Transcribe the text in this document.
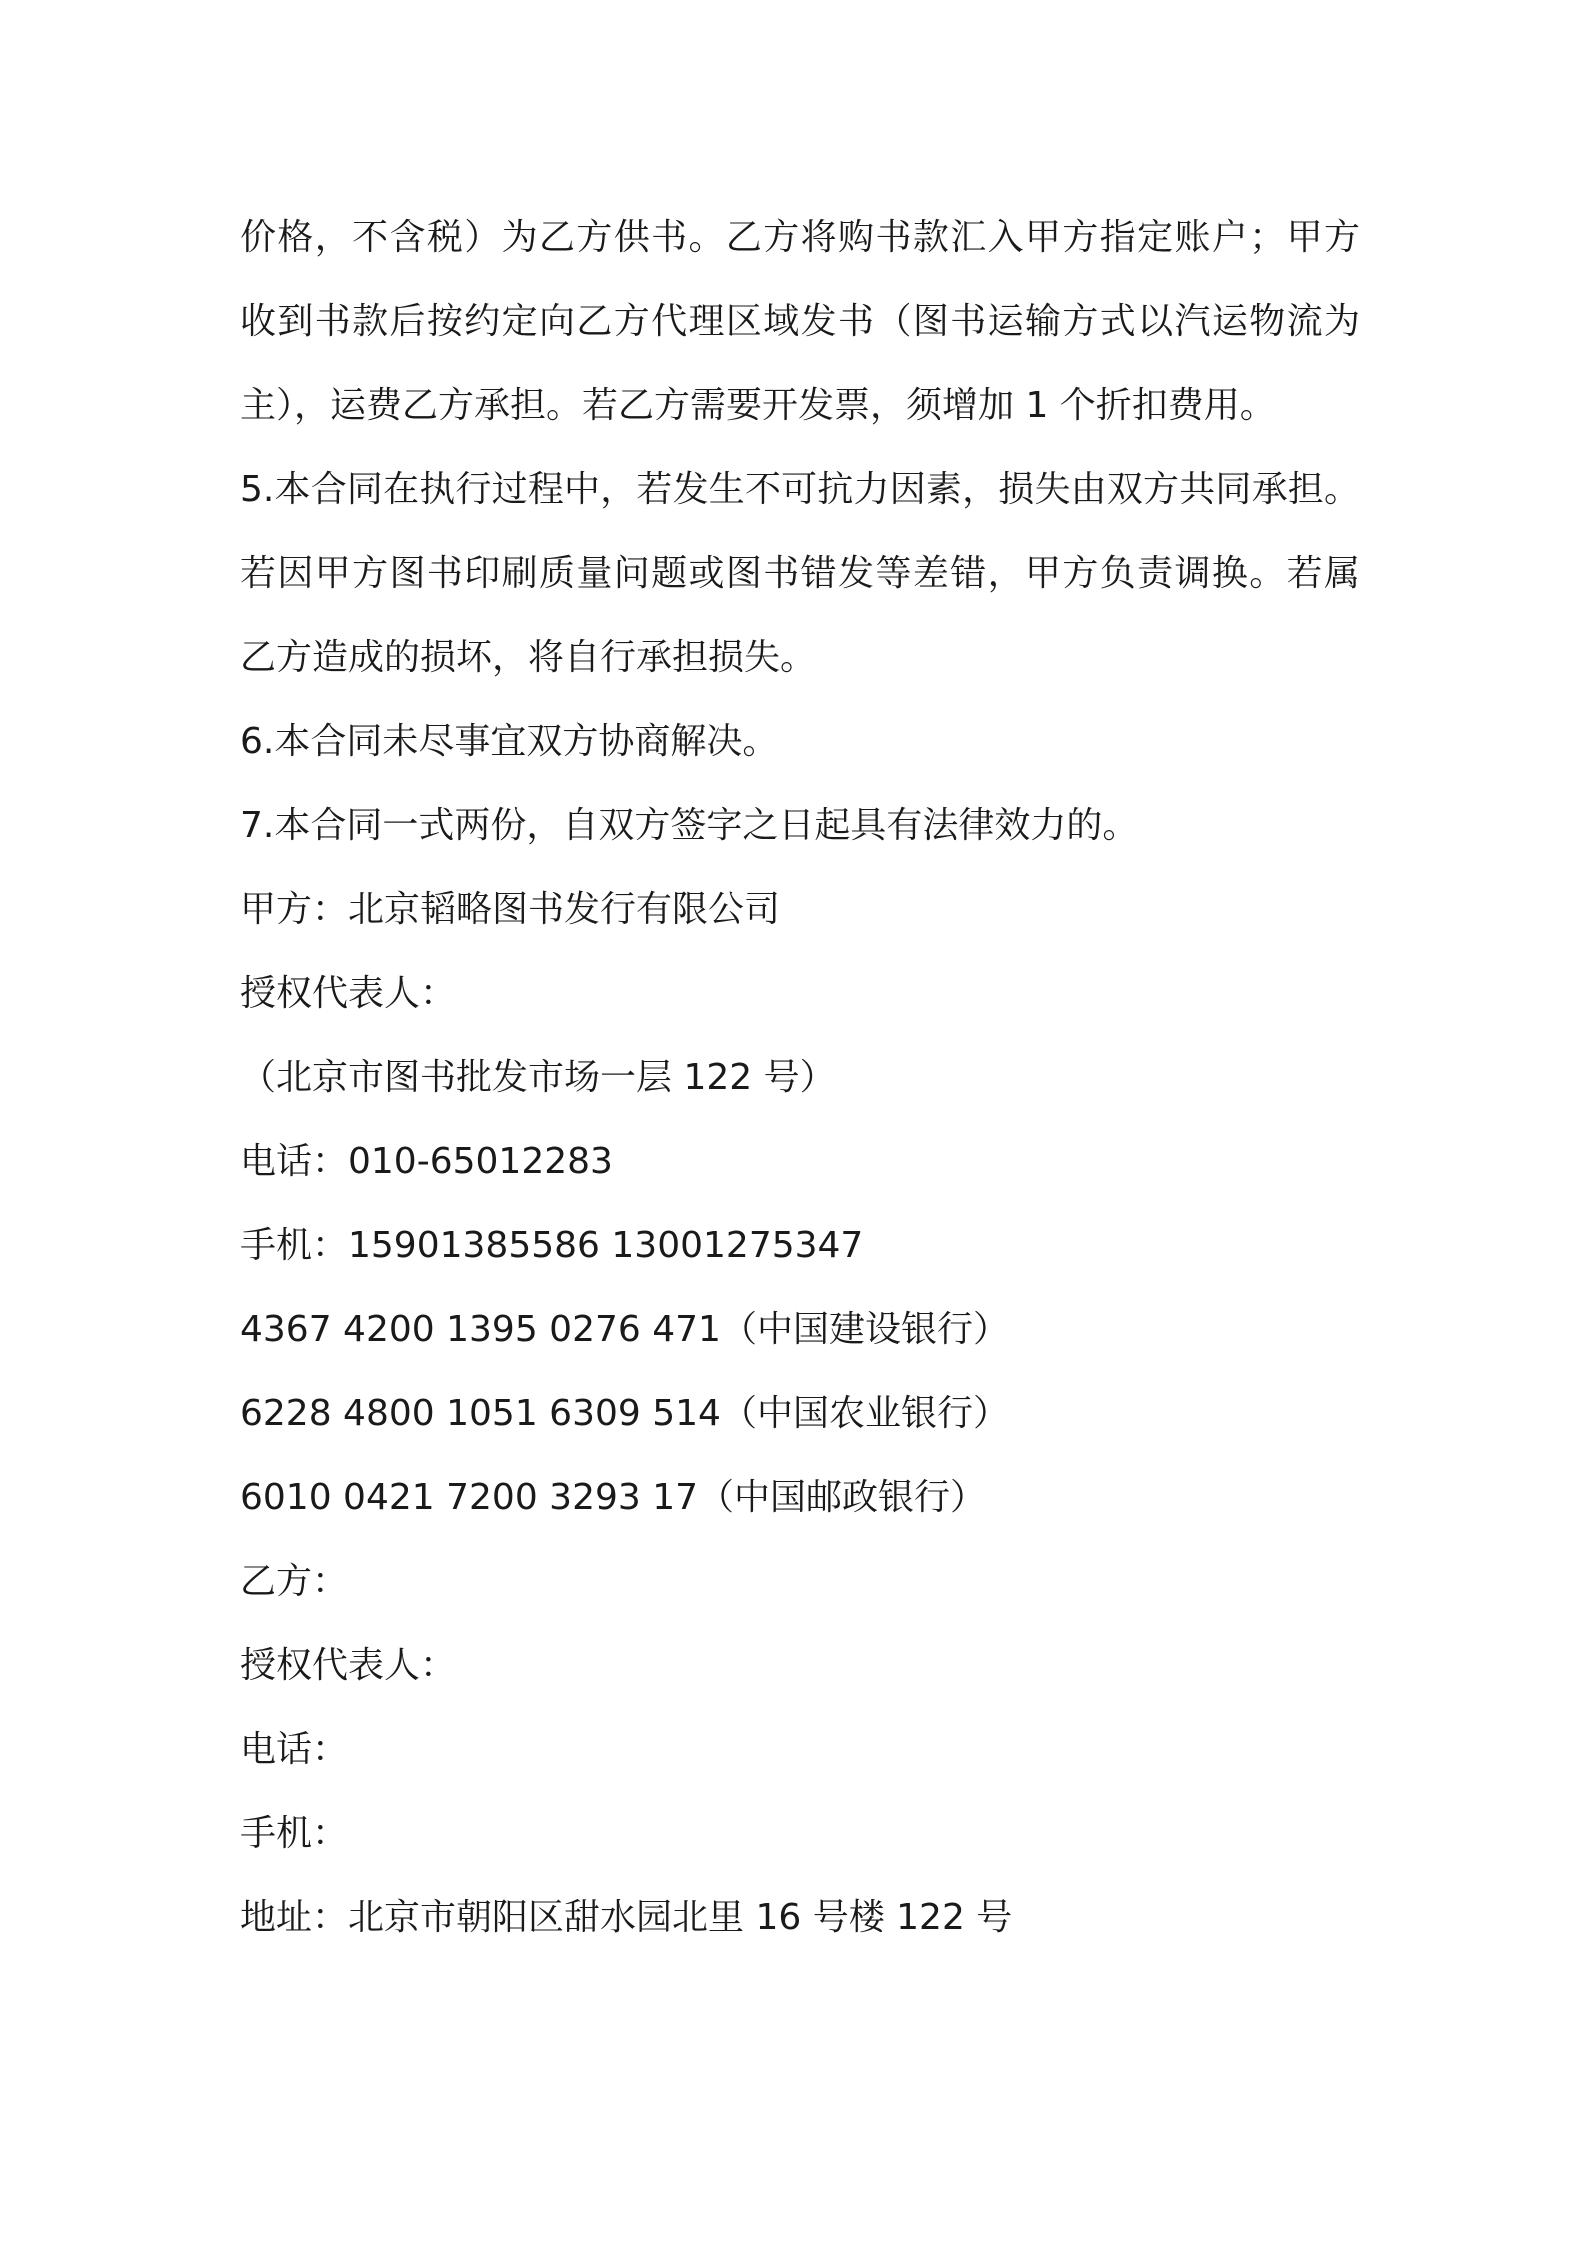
价格，不含税）为乙方供书。乙方将购书款汇入甲方指定账户；甲方
收到书款后按约定向乙方代理区域发书（图书运输方式以汽运物流为
主），运费乙方承担。若乙方需要开发票，须增加 1 个折扣费用。
5.本合同在执行过程中，若发生不可抗力因素，损失由双方共同承担。
若因甲方图书印刷质量问题或图书错发等差错，甲方负责调换。若属
乙方造成的损坏，将自行承担损失。
6.本合同未尽事宜双方协商解决。
7.本合同一式两份，自双方签字之日起具有法律效力的。
甲方：北京韬略图书发行有限公司
授权代表人：
（北京市图书批发市场一层 122 号）
电话：010-65012283
手机：15901385586 13001275347
4367 4200 1395 0276 471（中国建设银行）
6228 4800 1051 6309 514（中国农业银行）
6010 0421 7200 3293 17（中国邮政银行）
乙方：
授权代表人：
电话：
手机：
地址：北京市朝阳区甜水园北里 16 号楼 122 号
